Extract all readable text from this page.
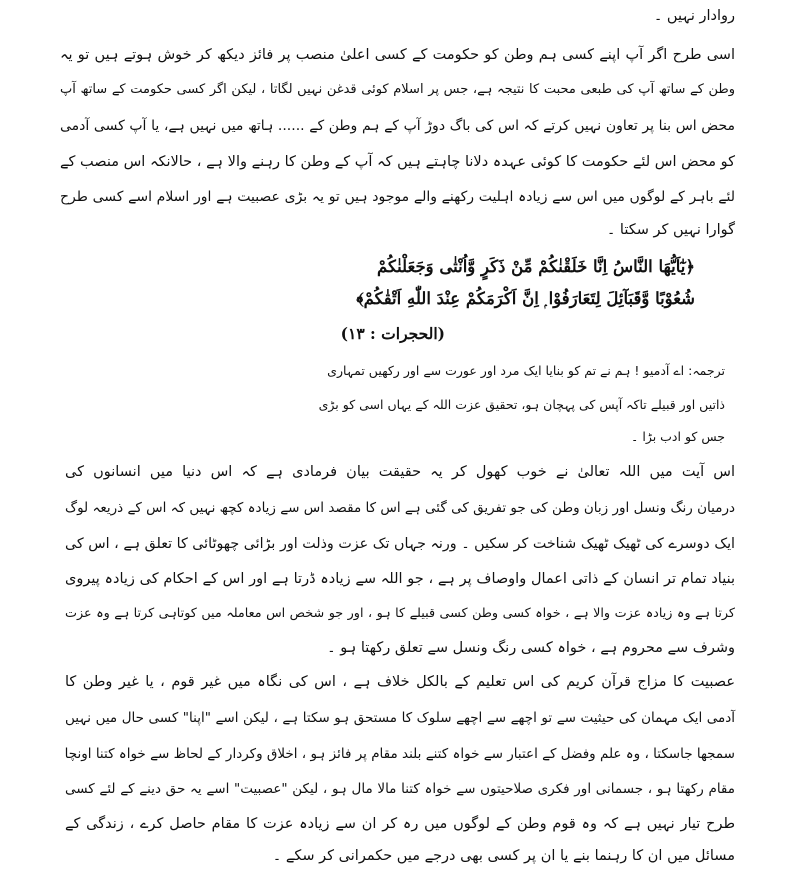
روادار نہیں ۔
اسی طرح اگر آپ اپنے کسی ہم وطن کو حکومت کے کسی اعلیٰ منصب پر فائز دیکھ کر خوش ہوتے ہیں تو یہ
وطن کے ساتھ آپ کی طبعی محبت کا نتیجہ ہے، جس پر اسلام کوئی قدغن نہیں لگاتا ، لیکن اگر کسی حکومت کے ساتھ آپ
محض اس بنا پر تعاون نہیں کرتے کہ اس کی باگ دوڑ آپ کے ہم وطن کے ...... ہاتھ میں نہیں ہے، یا آپ کسی آدمی
کو محض اس لئے حکومت کا کوئی عہدہ دلانا چاہتے ہیں کہ آپ کے وطن کا رہنے والا ہے ، حالانکہ اس منصب کے
لئے باہر کے لوگوں میں اس سے زیادہ اہلیت رکھنے والے موجود ہیں تو یہ بڑی عصبیت ہے اور اسلام اسے کسی طرح
گوارا نہیں کر سکتا ۔
﴿يٰٓاَيُّهَا النَّاسُ اِنَّا خَلَقْنٰكُمْ مِّنْ ذَكَرٍ وَّاُنْثٰى وَجَعَلْنٰكُمْ
شُعُوْبًا وَّقَبَآئِلَ لِتَعَارَفُوْا ۭ اِنَّ اَكْرَمَكُمْ عِنْدَ اللّٰهِ اَتْقٰكُمْ﴾
(الحجرات : ۱۳)
ترجمہ: اے آدمیو ! ہم نے تم کو بنایا ایک مرد اور عورت سے اور رکھیں تمہاری
ذاتیں اور قبیلے تاکہ آپس کی پہچان ہو، تحقیق عزت اللہ کے یہاں اسی کو بڑی
جس کو ادب بڑا ۔
اس آیت میں اللہ تعالیٰ نے خوب کھول کر یہ حقیقت بیان فرمادی ہے کہ اس دنیا میں انسانوں کی
درمیان رنگ ونسل اور زبان وطن کی جو تفریق کی گئی ہے اس کا مقصد اس سے زیادہ کچھ نہیں کہ اس کے ذریعہ لوگ
ایک دوسرے کی ٹھیک ٹھیک شناخت کر سکیں ۔ ورنہ جہاں تک عزت وذلت اور بڑائی چھوٹائی کا تعلق ہے ، اس کی
بنیاد تمام تر انسان کے ذاتی اعمال واوصاف پر ہے ، جو اللہ سے زیادہ ڈرتا ہے اور اس کے احکام کی زیادہ پیروی
کرتا ہے وہ زیادہ عزت والا ہے ، خواہ کسی وطن کسی قبیلے کا ہو ، اور جو شخص اس معاملہ میں کوتاہی کرتا ہے وہ عزت
وشرف سے محروم ہے ، خواہ کسی رنگ ونسل سے تعلق رکھتا ہو ۔
عصبیت کا مزاج قرآن کریم کی اس تعلیم کے بالکل خلاف ہے ، اس کی نگاہ میں غیر قوم ، یا غیر وطن کا
آدمی ایک مہمان کی حیثیت سے تو اچھے سے اچھے سلوک کا مستحق ہو سکتا ہے ، لیکن اسے "اپنا" کسی حال میں نہیں
سمجھا جاسکتا ، وہ علم وفضل کے اعتبار سے خواہ کتنے بلند مقام پر فائز ہو ، اخلاق وکردار کے لحاظ سے خواہ کتنا اونچا
مقام رکھتا ہو ، جسمانی اور فکری صلاحیتوں سے خواہ کتنا مالا مال ہو ، لیکن "عصبیت" اسے یہ حق دینے کے لئے کسی
طرح تیار نہیں ہے کہ وہ قوم وطن کے لوگوں میں رہ کر ان سے زیادہ عزت کا مقام حاصل کرے ، زندگی کے
مسائل میں ان کا رہنما بنے یا ان پر کسی بھی درجے میں حکمرانی کر سکے ۔
